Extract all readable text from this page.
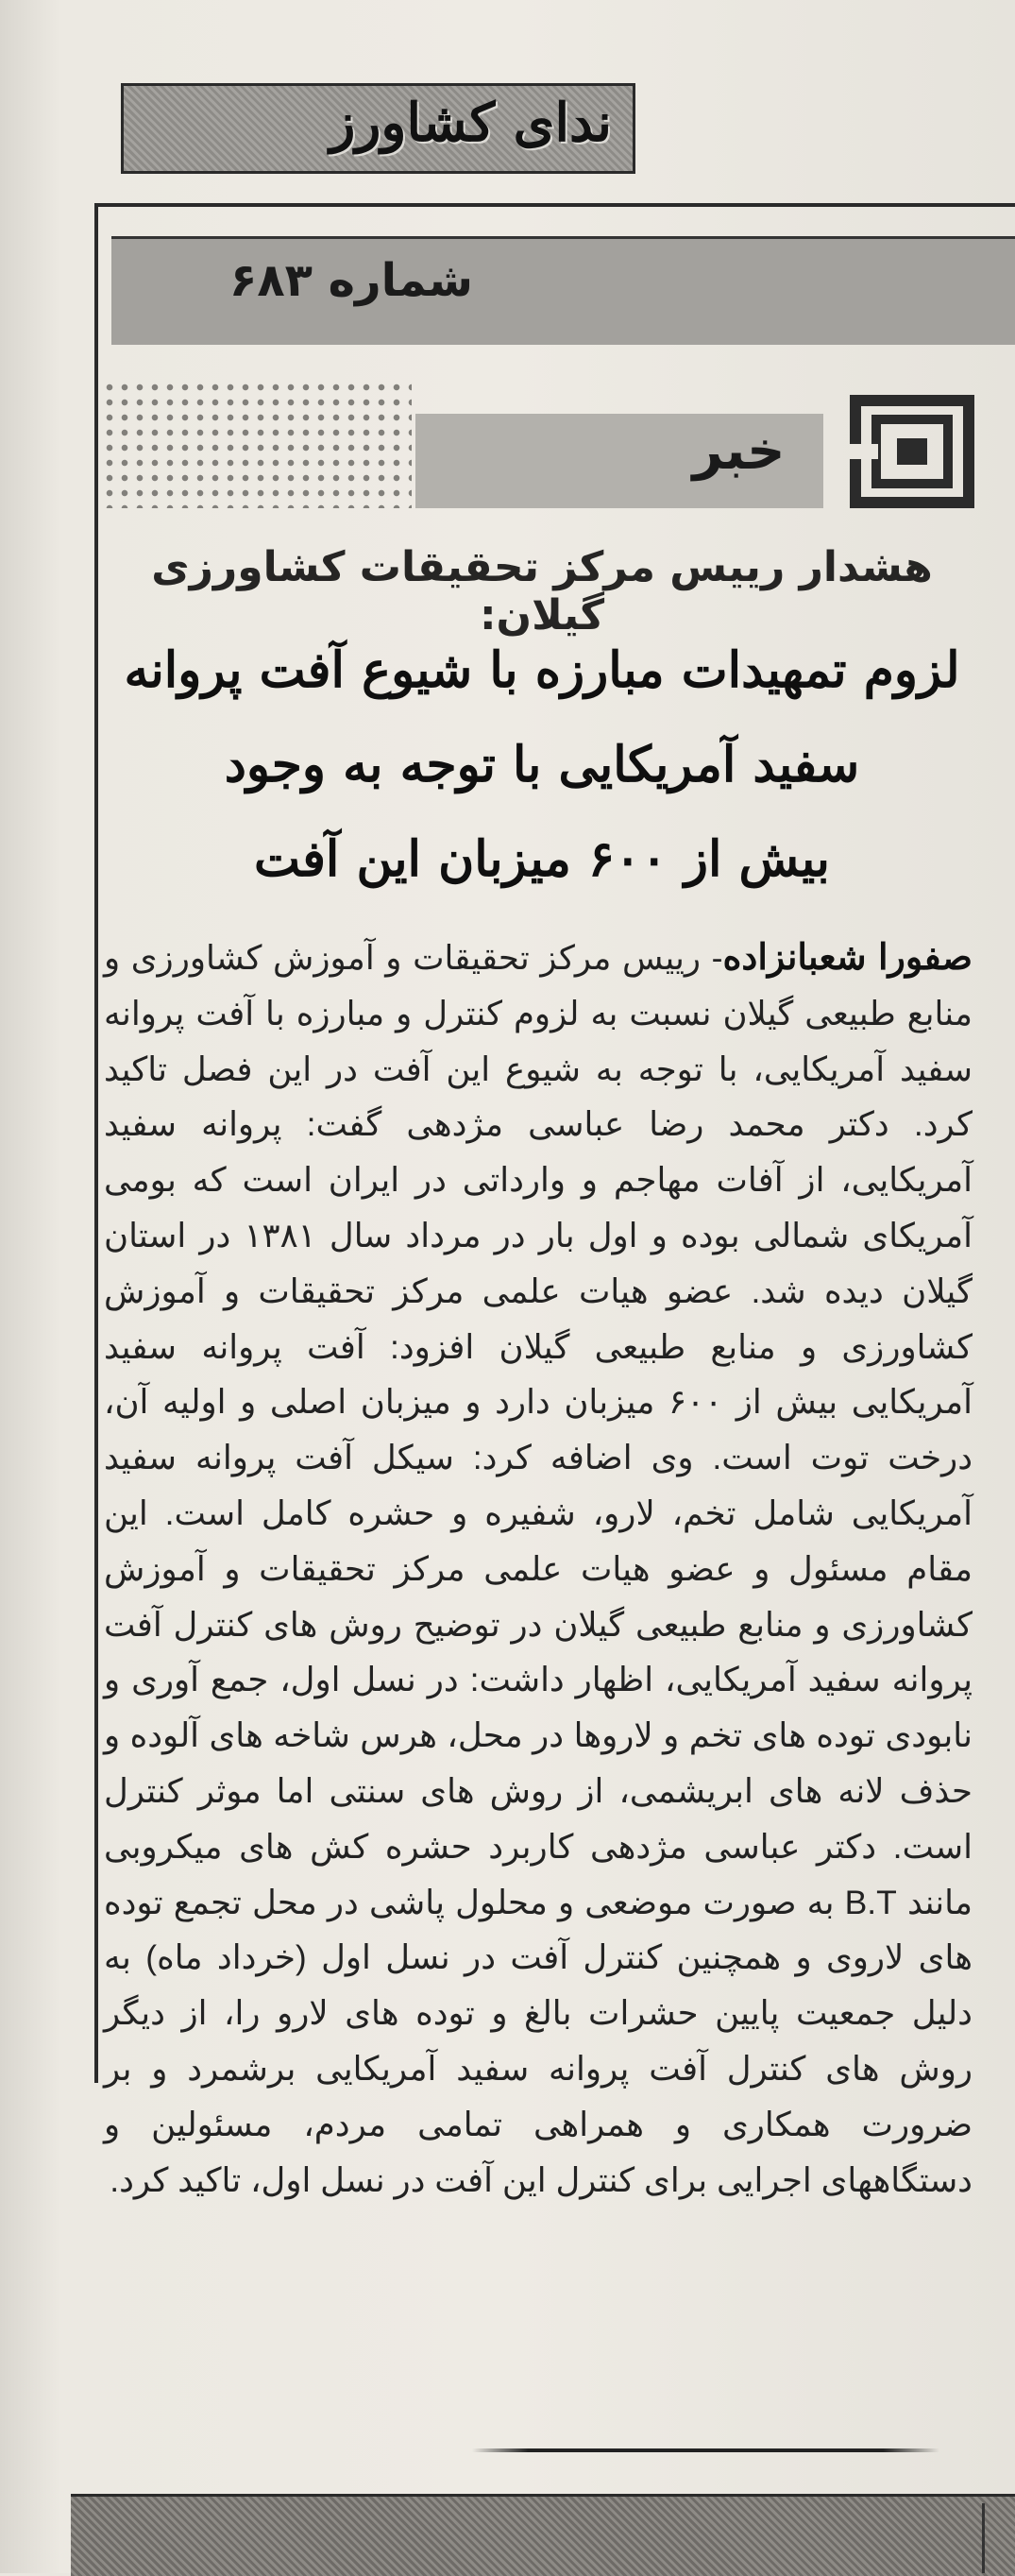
ندای کشاورز
شماره ۶۸۳
خبر
هشدار رییس مرکز تحقیقات کشاورزی گیلان:
لزوم تمهیدات مبارزه با شیوع آفت پروانه
سفید آمریکایی با توجه به وجود
بیش از ۶۰۰ میزبان این آفت
صفورا شعبانزاده- رییس مرکز تحقیقات و آموزش کشاورزی و منابع طبیعی گیلان نسبت به لزوم کنترل و مبارزه با آفت پروانه سفید آمریکایی، با توجه به شیوع این آفت در این فصل تاکید کرد. دکتر محمد رضا عباسی مژدهی گفت: پروانه سفید آمریکایی، از آفات مهاجم و وارداتی در ایران است که بومی آمریکای شمالی بوده و اول بار در مرداد سال ۱۳۸۱ در استان گیلان دیده شد. عضو هیات علمی مرکز تحقیقات و آموزش کشاورزی و منابع طبیعی گیلان افزود: آفت پروانه سفید آمریکایی بیش از ۶۰۰ میزبان دارد و میزبان اصلی و اولیه آن، درخت توت است. وی اضافه کرد: سیکل آفت پروانه سفید آمریکایی شامل تخم، لارو، شفیره و حشره کامل است. این مقام مسئول و عضو هیات علمی مرکز تحقیقات و آموزش کشاورزی و منابع طبیعی گیلان در توضیح روش های کنترل آفت پروانه سفید آمریکایی، اظهار داشت: در نسل اول، جمع آوری و نابودی توده های تخم و لاروها در محل، هرس شاخه های آلوده و حذف لانه های ابریشمی، از روش های سنتی اما موثر کنترل است. دکتر عباسی مژدهی کاربرد حشره کش های میکروبی مانند B.T به صورت موضعی و محلول پاشی در محل تجمع توده های لاروی و همچنین کنترل آفت در نسل اول (خرداد ماه) به دلیل جمعیت پایین حشرات بالغ و توده های لارو را، از دیگر روش های کنترل آفت پروانه سفید آمریکایی برشمرد و بر ضرورت همکاری و همراهی تمامی مردم، مسئولین و دستگاههای اجرایی برای کنترل این آفت در نسل اول، تاکید کرد.
